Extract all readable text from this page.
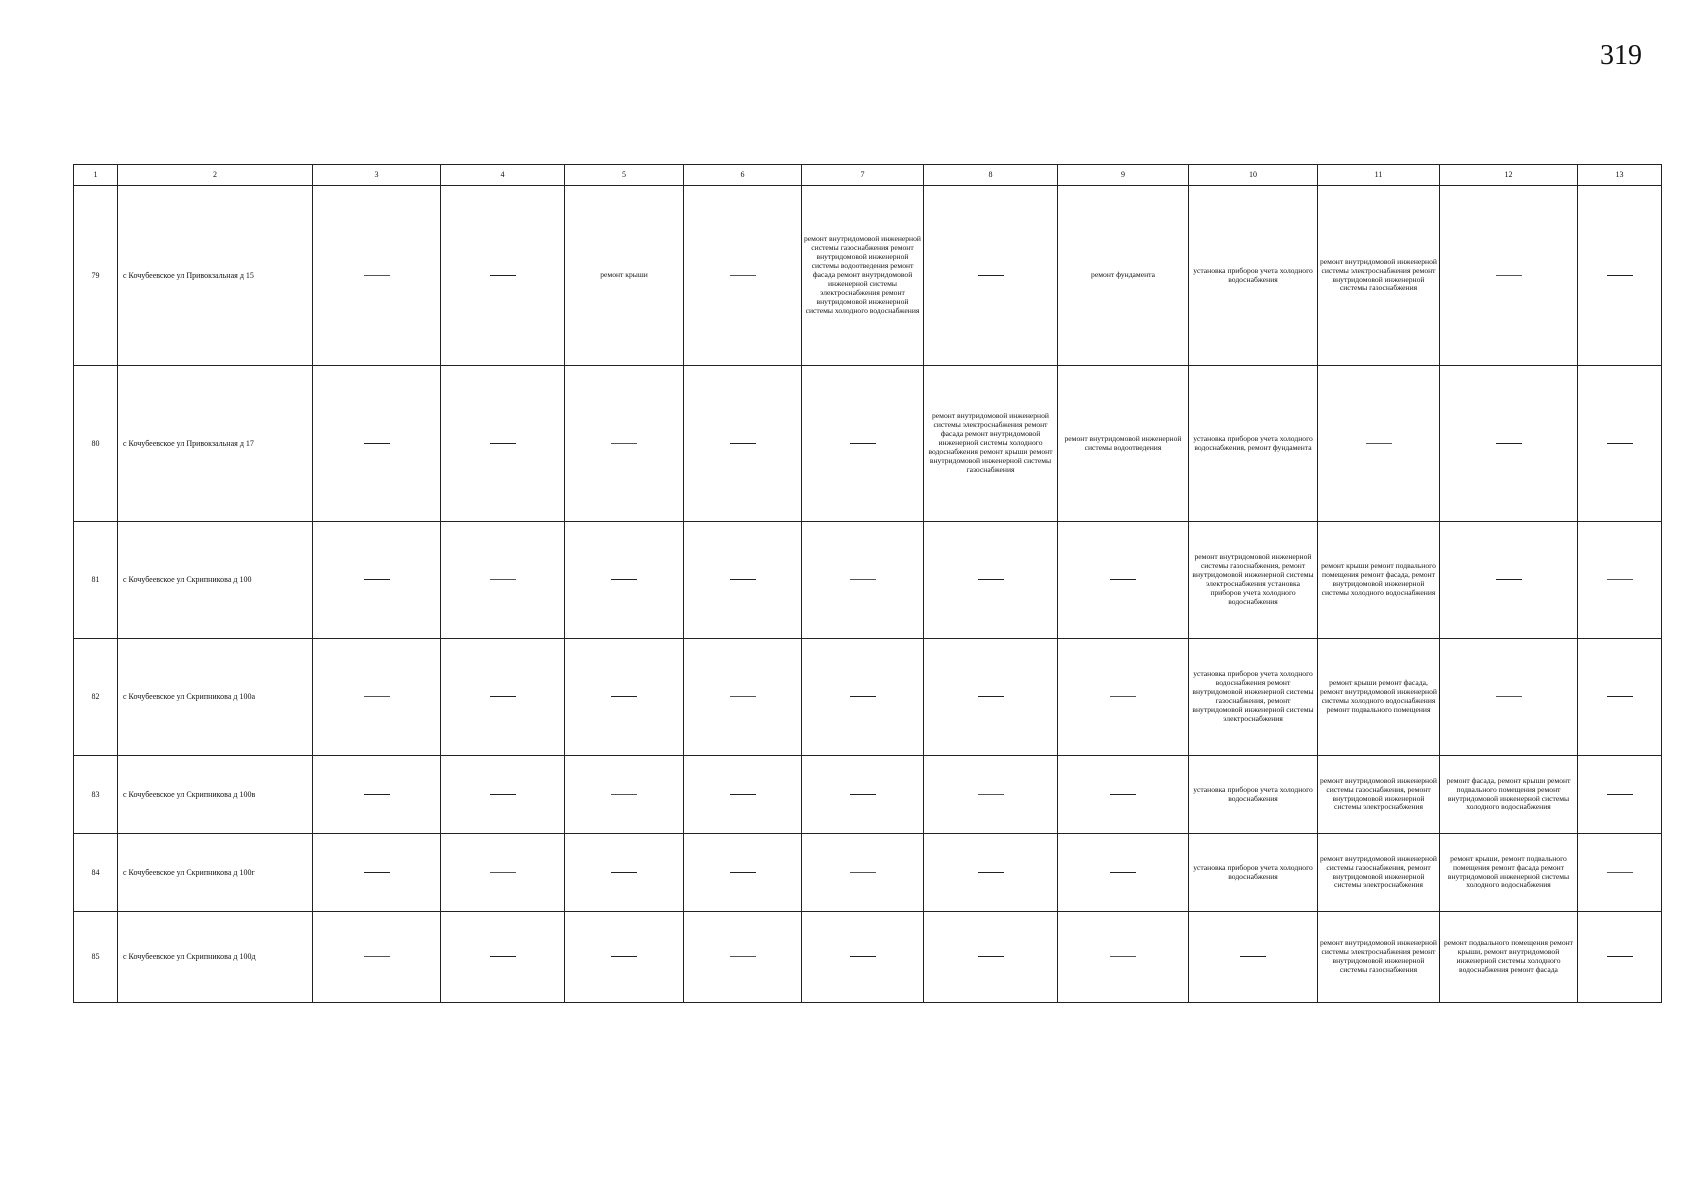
319
1	2	3	4	5	6	7	8	9	10	11	12	13
79	с Кочубеевское ул Привокзальная д 15			ремонт крыши		ремонт внутридомовой инженерной системы газоснабжения ремонт внутридомовой инженерной системы водоотведения ремонт фасада ремонт внутридомовой инженерной системы электроснабжения ремонт внутридомовой инженерной системы холодного водоснабжения		ремонт фундамента	установка приборов учета холодного водоснабжения	ремонт внутридомовой инженерной системы электроснабжения ремонт внутридомовой инженерной системы газоснабжения		
80	с Кочубеевское ул Привокзальная д 17						ремонт внутридомовой инженерной системы электроснабжения ремонт фасада ремонт внутридомовой инженерной системы холодного водоснабжения ремонт крыши ремонт внутридомовой инженерной системы газоснабжения	ремонт внутридомовой инженерной системы водоотведения	установка приборов учета холодного водоснабжения, ремонт фундамента			
81	с Кочубеевское ул Скрипникова д 100								ремонт внутридомовой инженерной системы газоснабжения, ремонт внутридомовой инженерной системы электроснабжения установка приборов учета холодного водоснабжения	ремонт крыши ремонт подвального помещения ремонт фасада, ремонт внутридомовой инженерной системы холодного водоснабжения		
82	с Кочубеевское ул Скрипникова д 100а								установка приборов учета холодного водоснабжения ремонт внутридомовой инженерной системы газоснабжения, ремонт внутридомовой инженерной системы электроснабжения	ремонт крыши ремонт фасада, ремонт внутридомовой инженерной системы холодного водоснабжения ремонт подвального помещения		
83	с Кочубеевское ул Скрипникова д 100в								установка приборов учета холодного водоснабжения	ремонт внутридомовой инженерной системы газоснабжения, ремонт внутридомовой инженерной системы электроснабжения	ремонт фасада, ремонт крыши ремонт подвального помещения ремонт внутридомовой инженерной системы холодного водоснабжения	
84	с Кочубеевское ул Скрипникова д 100г								установка приборов учета холодного водоснабжения	ремонт внутридомовой инженерной системы газоснабжения, ремонт внутридомовой инженерной системы электроснабжения	ремонт крыши, ремонт подвального помещения ремонт фасада ремонт внутридомовой инженерной системы холодного водоснабжения	
85	с Кочубеевское ул Скрипникова д 100д									ремонт внутридомовой инженерной системы электроснабжения ремонт внутридомовой инженерной системы газоснабжения	ремонт подвального помещения ремонт крыши, ремонт внутридомовой инженерной системы холодного водоснабжения ремонт фасада	
